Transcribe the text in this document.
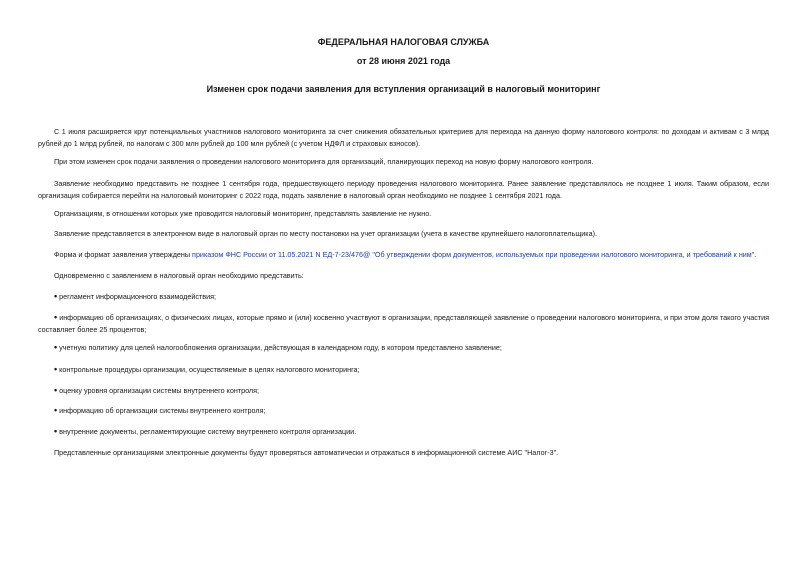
ФЕДЕРАЛЬНАЯ НАЛОГОВАЯ СЛУЖБА
от 28 июня 2021 года
Изменен срок подачи заявления для вступления организаций в налоговый мониторинг
С 1 июля расширяется круг потенциальных участников налогового мониторинга за счет снижения обязательных критериев для перехода на данную форму налогового контроля: по доходам и активам с 3 млрд рублей до 1 млрд рублей, по налогам с 300 млн рублей до 100 млн рублей (с учетом НДФЛ и страховых взносов).
При этом изменен срок подачи заявления о проведении налогового мониторинга для организаций, планирующих переход на новую форму налогового контроля.
Заявление необходимо представить не позднее 1 сентября года, предшествующего периоду проведения налогового мониторинга. Ранее заявление представлялось не позднее 1 июля. Таким образом, если организация собирается перейти на налоговый мониторинг с 2022 года, подать заявление в налоговый орган необходимо не позднее 1 сентября 2021 года.
Организациям, в отношении которых уже проводится налоговый мониторинг, представлять заявление не нужно.
Заявление представляется в электронном виде в налоговый орган по месту постановки на учет организации (учета в качестве крупнейшего налогоплательщика).
Форма и формат заявления утверждены приказом ФНС России от 11.05.2021 N ЕД-7-23/476@ "Об утверждении форм документов, используемых при проведении налогового мониторинга, и требований к ним".
Одновременно с заявлением в налоговый орган необходимо представить:
• регламент информационного взаимодействия;
• информацию об организациях, о физических лицах, которые прямо и (или) косвенно участвуют в организации, представляющей заявление о проведении налогового мониторинга, и при этом доля такого участия составляет более 25 процентов;
• учетную политику для целей налогообложения организации, действующая в календарном году, в котором представлено заявление;
• контрольные процедуры организации, осуществляемые в целях налогового мониторинга;
• оценку уровня организации системы внутреннего контроля;
• информацию об организации системы внутреннего контроля;
• внутренние документы, регламентирующие систему внутреннего контроля организации.
Представленные организациями электронные документы будут проверяться автоматически и отражаться в информационной системе АИС "Налог-3".
